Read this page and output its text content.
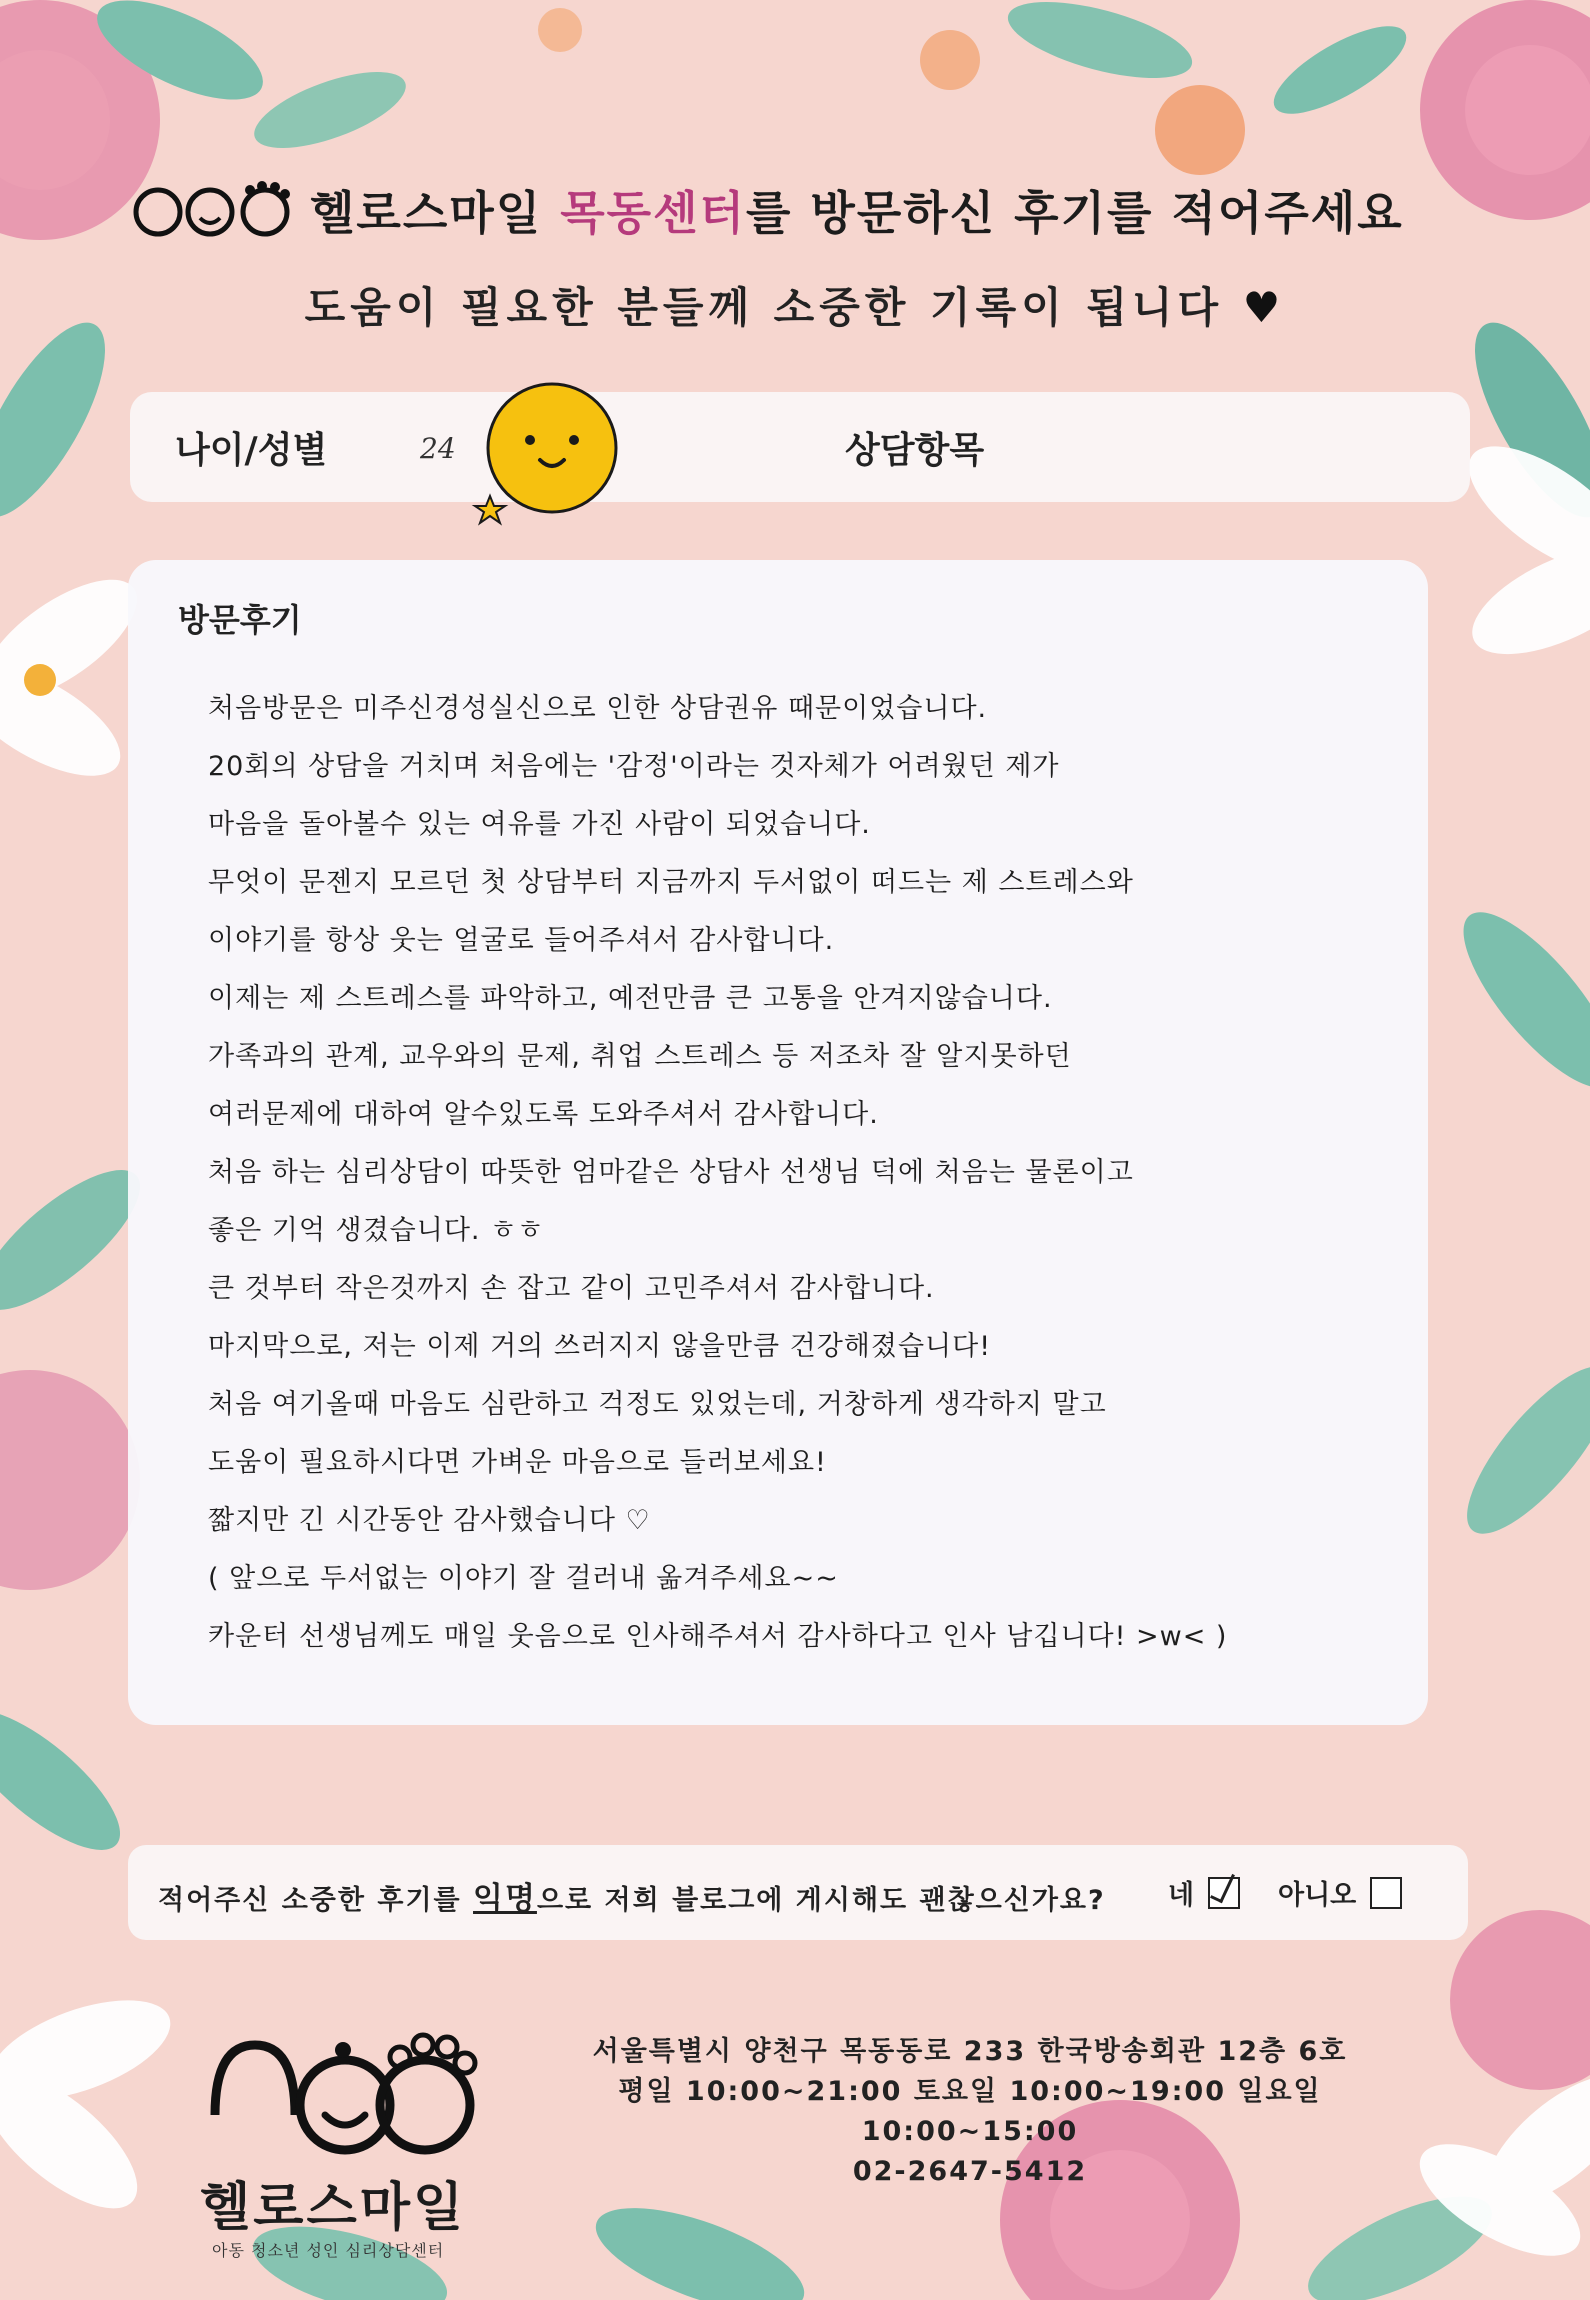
헬로스마일 목동센터를 방문하신 후기를 적어주세요
도움이 필요한 분들께 소중한 기록이 됩니다 ♥
나이/성별	24	상담항목
방문후기
처음방문은 미주신경성실신으로 인한 상담권유 때문이었습니다.
20회의 상담을 거치며 처음에는 '감정'이라는 것자체가 어려웠던 제가
마음을 돌아볼수 있는 여유를 가진 사람이 되었습니다.
무엇이 문젠지 모르던 첫 상담부터 지금까지 두서없이 떠드는 제 스트레스와
이야기를 항상 웃는 얼굴로 들어주셔서 감사합니다.
이제는 제 스트레스를 파악하고, 예전만큼 큰 고통을 안겨지않습니다.
가족과의 관계, 교우와의 문제, 취업 스트레스 등 저조차 잘 알지못하던
여러문제에 대하여 알수있도록 도와주셔서 감사합니다.
처음 하는 심리상담이 따뜻한 엄마같은 상담사 선생님 덕에 처음는 물론이고
좋은 기억 생겼습니다. ㅎㅎ
큰 것부터 작은것까지 손 잡고 같이 고민주셔서 감사합니다.
마지막으로, 저는 이제 거의 쓰러지지 않을만큼 건강해졌습니다!
처음 여기올때 마음도 심란하고 걱정도 있었는데, 거창하게 생각하지 말고
도움이 필요하시다면 가벼운 마음으로 들러보세요!
짧지만 긴 시간동안 감사했습니다 ♡
( 앞으로 두서없는 이야기 잘 걸러내 옮겨주세요~~
카운터 선생님께도 매일 웃음으로 인사해주셔서 감사하다고 인사 남깁니다! >w< )
적어주신 소중한 후기를 익명으로 저희 블로그에 게시해도 괜찮으신가요? 네	아니오
헬로스마일
아동 청소년 성인 심리상담센터
서울특별시 양천구 목동동로 233 한국방송회관 12층 6호
평일 10:00~21:00 토요일 10:00~19:00 일요일 10:00~15:00
02-2647-5412
